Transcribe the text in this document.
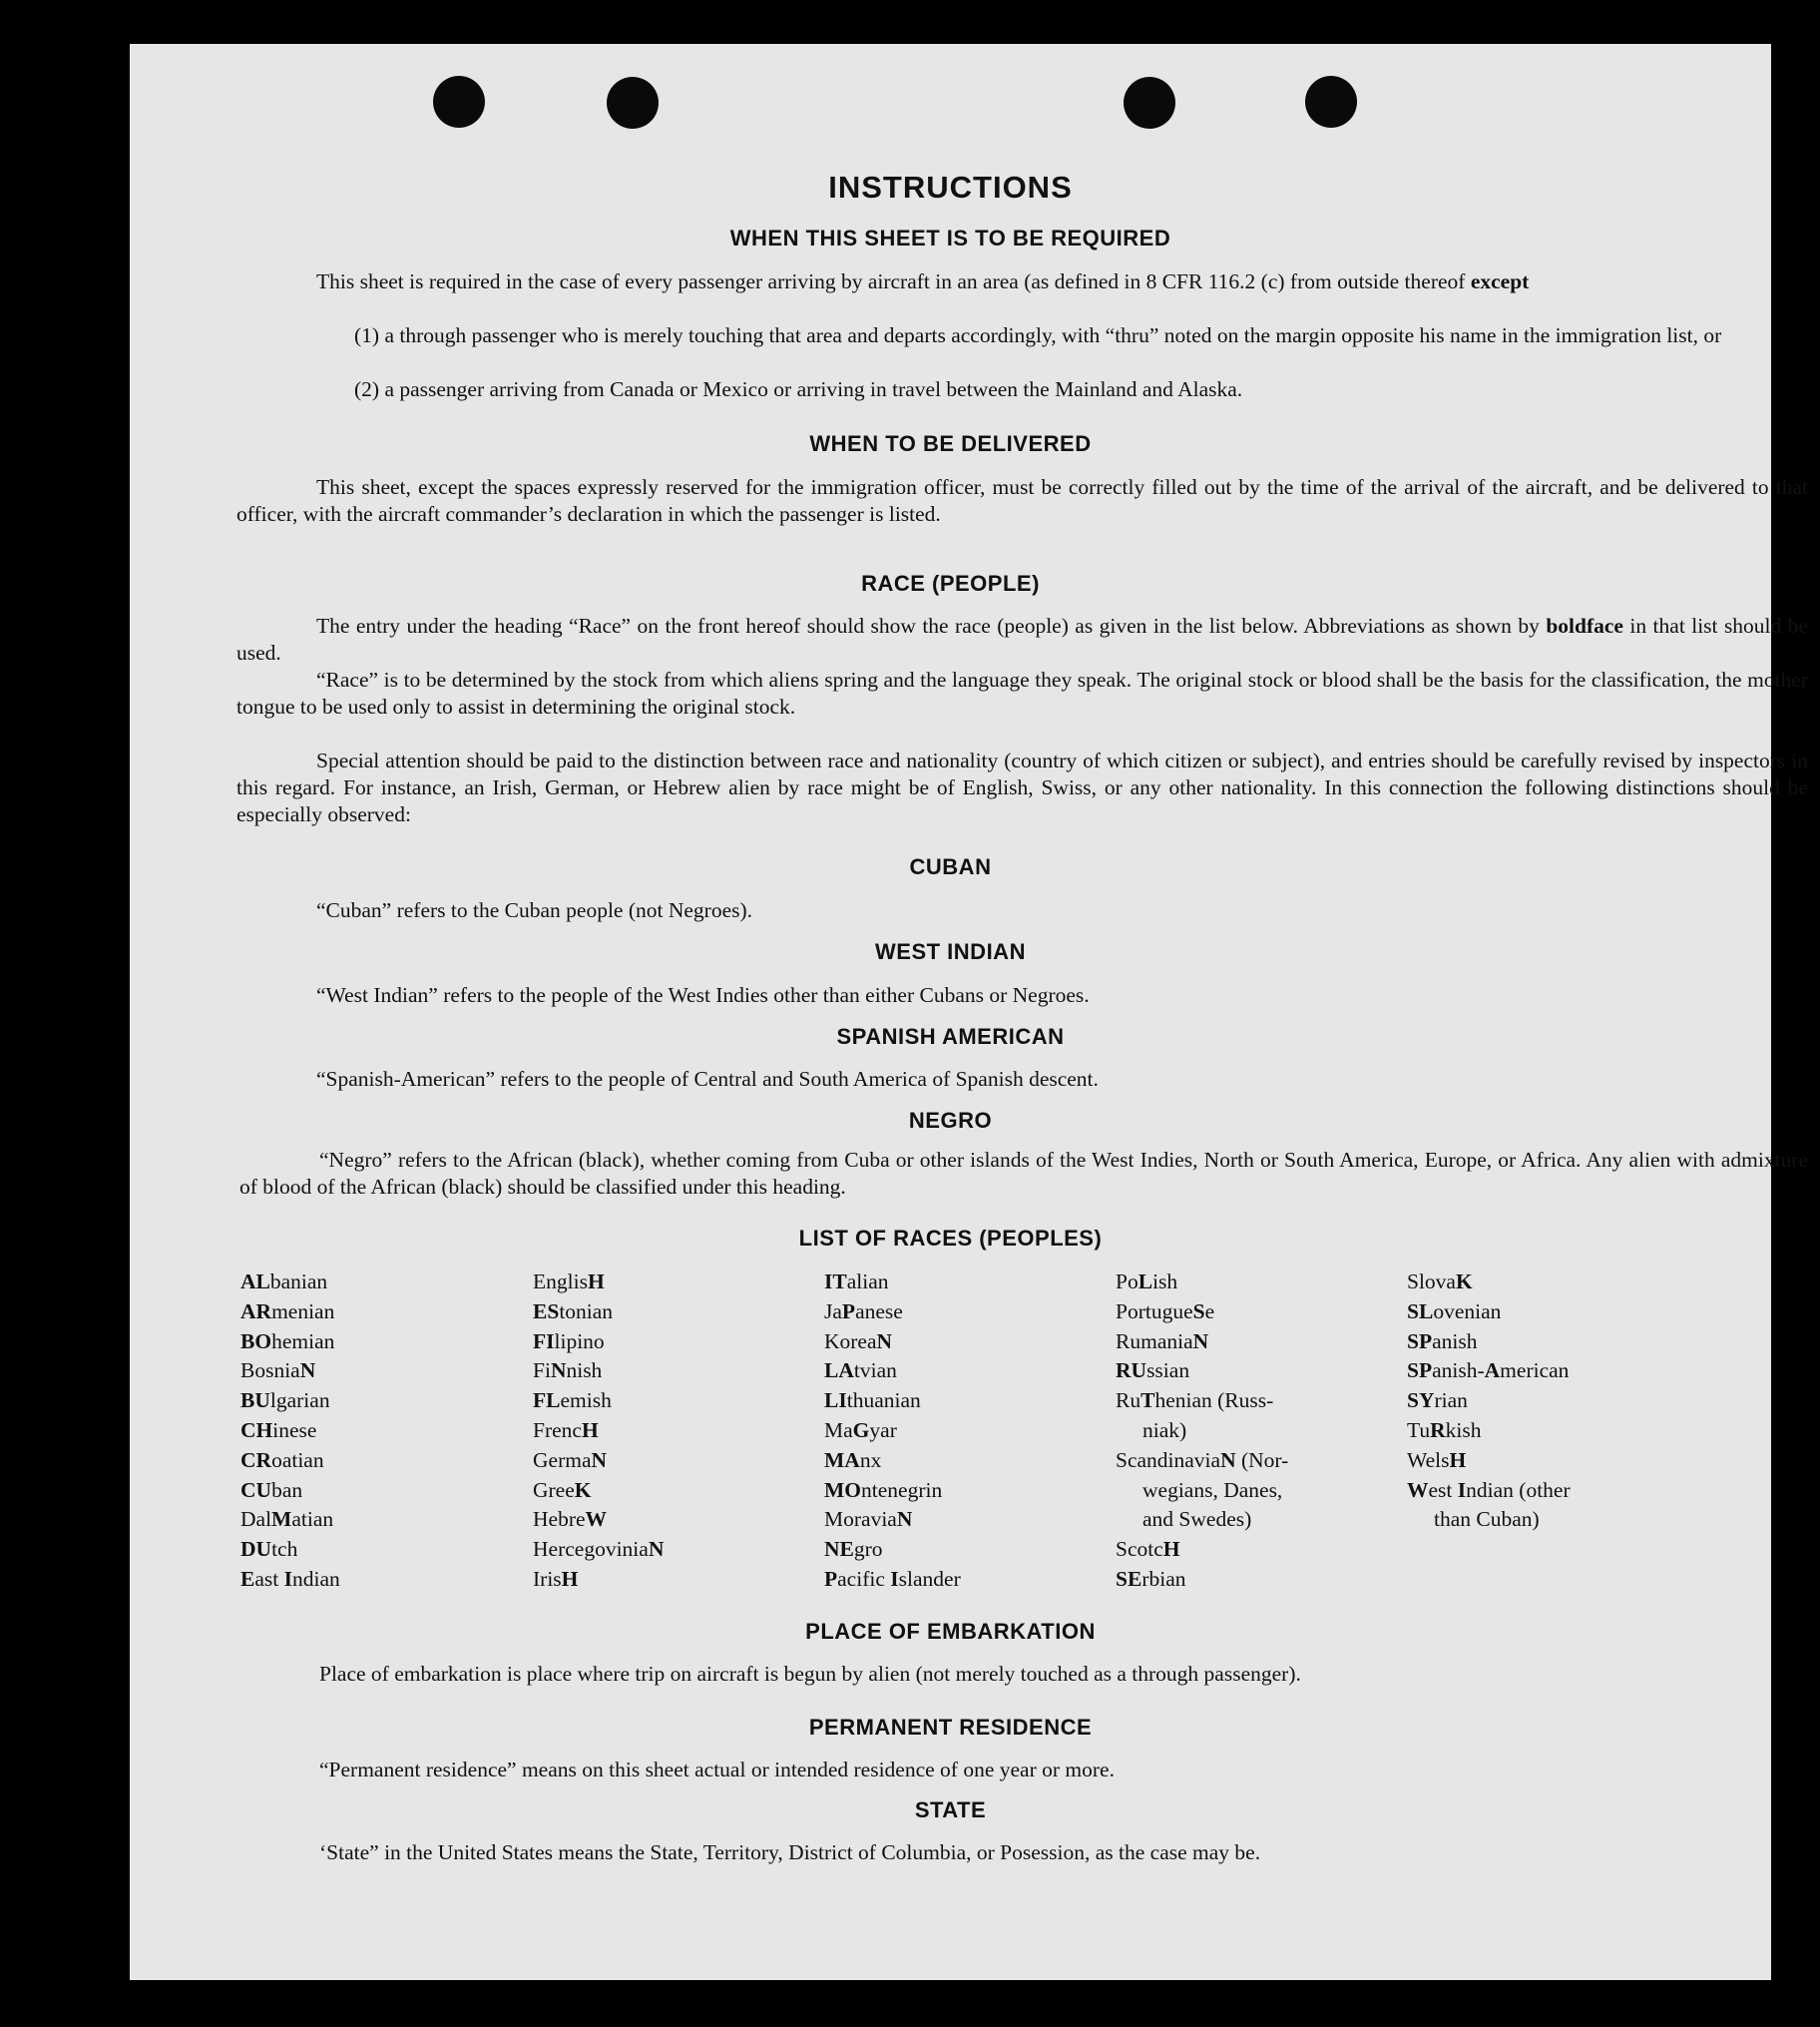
INSTRUCTIONS
WHEN THIS SHEET IS TO BE REQUIRED

This sheet is required in the case of every passenger arriving by aircraft in an area (as defined in 8 CFR 116.2 (c) from outside thereof except

(1) a through passenger who is merely touching that area and departs accordingly, with “thru” noted on the margin opposite his name in the immigration list, or

(2) a passenger arriving from Canada or Mexico or arriving in travel between the Mainland and Alaska.

WHEN TO BE DELIVERED

This sheet, except the spaces expressly reserved for the immigration officer, must be correctly filled out by the time of the arrival of the aircraft, and be delivered to that officer, with the aircraft commander’s declaration in which the passenger is listed.

RACE (PEOPLE)

The entry under the heading “Race” on the front hereof should show the race (people) as given in the list below. Abbreviations as shown by boldface in that list should be used.

“Race” is to be determined by the stock from which aliens spring and the language they speak. The original stock or blood shall be the basis for the classification, the mother tongue to be used only to assist in determining the original stock.

Special attention should be paid to the distinction between race and nationality (country of which citizen or subject), and entries should be carefully revised by inspectors in this regard. For instance, an Irish, German, or Hebrew alien by race might be of English, Swiss, or any other nationality. In this connection the following distinctions should be especially observed:

CUBAN

“Cuban” refers to the Cuban people (not Negroes).

WEST INDIAN

“West Indian” refers to the people of the West Indies other than either Cubans or Negroes.

SPANISH AMERICAN

“Spanish-American” refers to the people of Central and South America of Spanish descent.

NEGRO

“Negro” refers to the African (black), whether coming from Cuba or other islands of the West Indies, North or South America, Europe, or Africa. Any alien with admixture of blood of the African (black) should be classified under this heading.

LIST OF RACES (PEOPLES)
ALbanian
ARmenian
BOhemian
BosniaN
BUlgarian
CHinese
CRoatian
CUban
DalMatian
DUtch
East Indian
EnglisH
EStonian
FIlipino
FiNnish
FLemish
FrencH
GermaN
GreeK
HebreW
HercegoviniaN
IrisH
ITalian
JaPanese
KoreaN
LAtvian
LIthuanian
MaGyar
MAnx
MOntenegrin
MoraviaN
NEgro
Pacific Islander
PoLish
PortugueSe
RumaniaN
RUssian
RuThenian (Russ-
niak)
ScandinaviaN (Nor-
wegians, Danes,
and Swedes)
ScotcH
SErbian
SlovaK
SLovenian
SPanish
SPanish-American
SYrian
TuRkish
WelsH
West Indian (other
than Cuban)
PLACE OF EMBARKATION

Place of embarkation is place where trip on aircraft is begun by alien (not merely touched as a through passenger).

PERMANENT RESIDENCE

“Permanent residence” means on this sheet actual or intended residence of one year or more.

STATE

‘State” in the United States means the State, Territory, District of Columbia, or Posession, as the case may be.
